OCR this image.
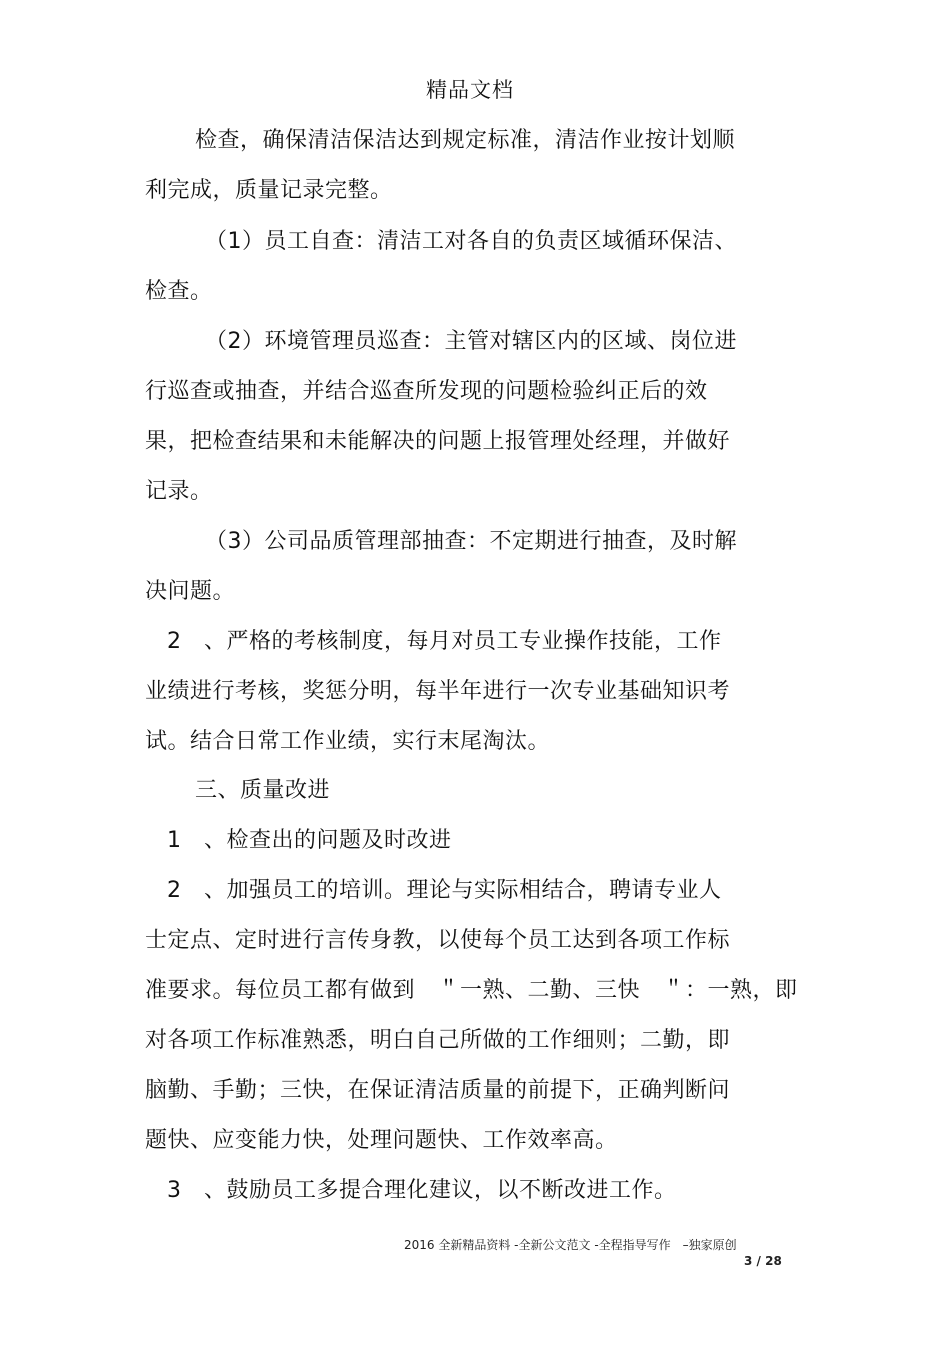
精品文档
检查，确保清洁保洁达到规定标准，清洁作业按计划顺
利完成，质量记录完整。
（1）员工自查：清洁工对各自的负责区域循环保洁、
检查。
（2）环境管理员巡查：主管对辖区内的区域、岗位进
行巡查或抽查，并结合巡查所发现的问题检验纠正后的效
果，把检查结果和未能解决的问题上报管理处经理，并做好
记录。
（3）公司品质管理部抽查：不定期进行抽查，及时解
决问题。
2　、严格的考核制度，每月对员工专业操作技能，工作
业绩进行考核，奖惩分明，每半年进行一次专业基础知识考
试。结合日常工作业绩，实行末尾淘汰。
三、质量改进
1　、检查出的问题及时改进
2　、加强员工的培训。理论与实际相结合，聘请专业人
士定点、定时进行言传身教，以使每个员工达到各项工作标
准要求。每位员工都有做到　＂一熟、二勤、三快　＂：一熟，即
对各项工作标准熟悉，明白自己所做的工作细则；二勤，即
脑勤、手勤；三快，在保证清洁质量的前提下，正确判断问
题快、应变能力快，处理问题快、工作效率高。
3　、鼓励员工多提合理化建议，以不断改进工作。
2016 全新精品资料 -全新公文范文 -全程指导写作　–独家原创
3 / 28
